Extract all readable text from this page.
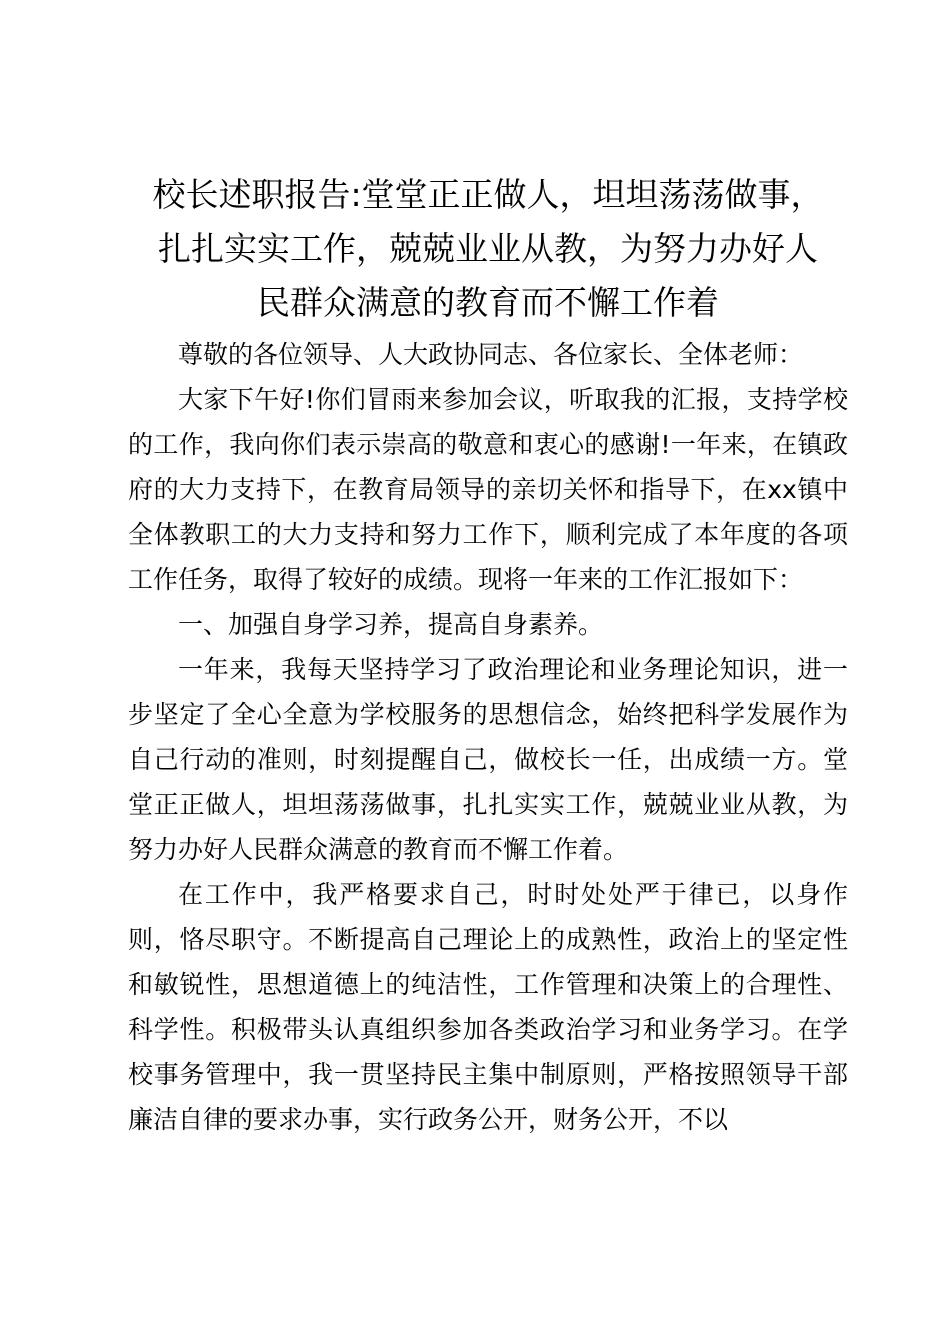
校长述职报告:堂堂正正做人，坦坦荡荡做事，
扎扎实实工作，兢兢业业从教，为努力办好人
民群众满意的教育而不懈工作着

尊敬的各位领导、人大政协同志、各位家长、全体老师：

大家下午好!你们冒雨来参加会议，听取我的汇报，支持学校的工作，我向你们表示崇高的敬意和衷心的感谢!一年来，在镇政府的大力支持下，在教育局领导的亲切关怀和指导下，在xx镇中全体教职工的大力支持和努力工作下，顺利完成了本年度的各项工作任务，取得了较好的成绩。现将一年来的工作汇报如下：

一、加强自身学习养，提高自身素养。

一年来，我每天坚持学习了政治理论和业务理论知识，进一步坚定了全心全意为学校服务的思想信念，始终把科学发展作为自己行动的准则，时刻提醒自己，做校长一任，出成绩一方。堂堂正正做人，坦坦荡荡做事，扎扎实实工作，兢兢业业从教，为努力办好人民群众满意的教育而不懈工作着。

在工作中，我严格要求自己，时时处处严于律已，以身作则，恪尽职守。不断提高自己理论上的成熟性，政治上的坚定性和敏锐性，思想道德上的纯洁性，工作管理和决策上的合理性、科学性。积极带头认真组织参加各类政治学习和业务学习。在学校事务管理中，我一贯坚持民主集中制原则，严格按照领导干部廉洁自律的要求办事，实行政务公开，财务公开，不以
